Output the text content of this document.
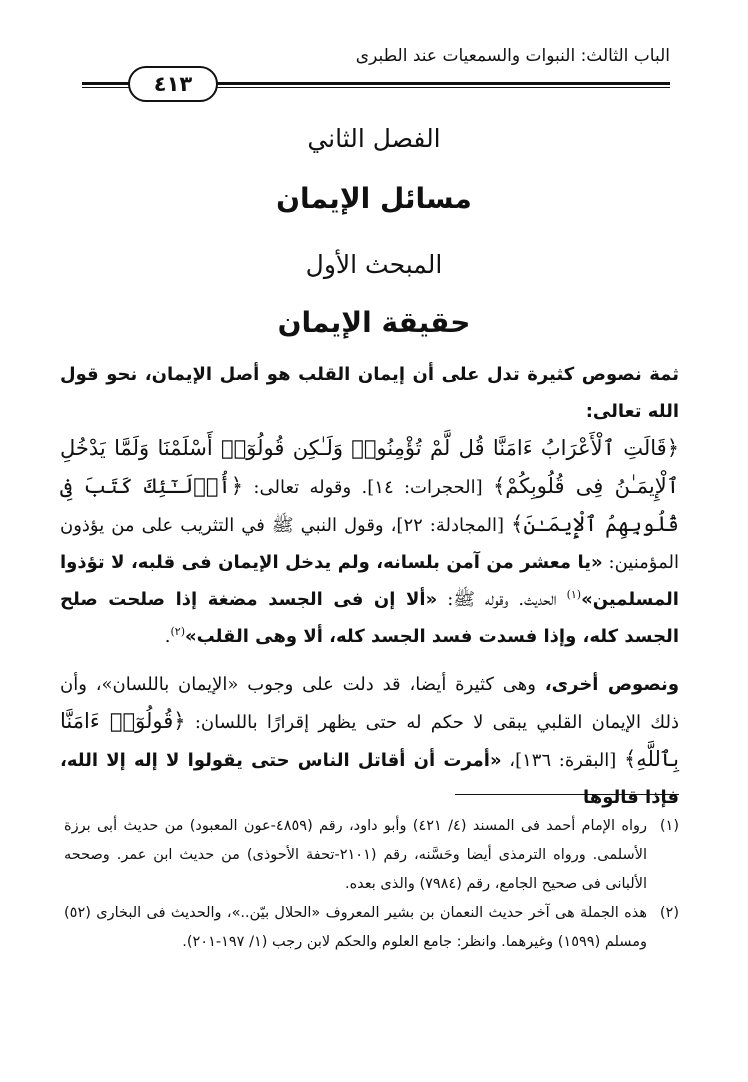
الباب الثالث: النبوات والسمعيات عند الطبرى
٤١٣
الفصل الثاني
مسائل الإيمان
المبحث الأول
حقيقة الإيمان
ثمة نصوص كثيرة تدل على أن إيمان القلب هو أصل الإيمان، نحو قول الله تعالى:
﴿قَالَتِ ٱلْأَعْرَابُ ءَامَنَّا قُل لَّمْ تُؤْمِنُوا۟ وَلَـٰكِن قُولُوٓا۟ أَسْلَمْنَا وَلَمَّا يَدْخُلِ ٱلْإِيمَـٰنُ فِى قُلُوبِكُمْ﴾ [الحجرات: ١٤]. وقوله تعالى: ﴿أُو۟لَـٰٓئِكَ كَتَبَ فِى قُلُوبِهِمُ ٱلْإِيمَـٰنَ﴾ [المجادلة: ٢٢]، وقول النبي ﷺ في التثريب على من يؤذون المؤمنين: «يا معشر من آمن بلسانه، ولم يدخل الإيمان فى قلبه، لا تؤذوا المسلمين»$^{(١)}$ الحديث. وقوله ﷺ: «ألا إن فى الجسد مضغة إذا صلحت صلح الجسد كله، وإذا فسدت فسد الجسد كله، ألا وهى القلب»$^{(٢)}$.
ونصوص أخرى، وهى كثيرة أيضا، قد دلت على وجوب «الإيمان باللسان»، وأن ذلك الإيمان القلبي يبقى لا حكم له حتى يظهر إقرارًا باللسان: ﴿قُولُوٓا۟ ءَامَنَّا بِٱللَّهِ﴾ [البقرة: ١٣٦]، «أمرت أن أقاتل الناس حتى يقولوا لا إله إلا الله، فإذا قالوها
(١)
رواه الإمام أحمد فى المسند (٤/ ٤٢١) وأبو داود، رقم (٤٨٥٩-عون المعبود) من حديث أبى برزة الأسلمى. ورواه الترمذى أيضا وحَسَّنه، رقم (٢١٠١-تحفة الأحوذى) من حديث ابن عمر. وصححه الألبانى فى صحيح الجامع، رقم (٧٩٨٤) والذى بعده.
(٢)
هذه الجملة هى آخر حديث النعمان بن بشير المعروف «الحلال بيّن..»، والحديث فى البخارى (٥٢) ومسلم (١٥٩٩) وغيرهما. وانظر: جامع العلوم والحكم لابن رجب (١/ ١٩٧-٢٠١).
